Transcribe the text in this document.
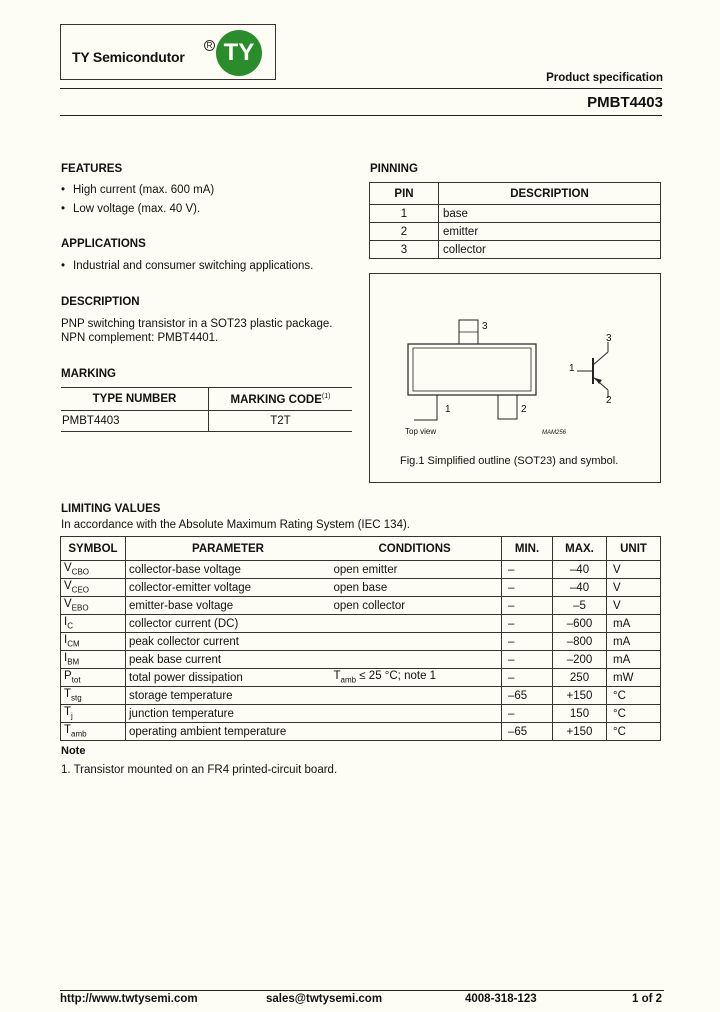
TY Semicondutor
R TY
Product specification
PMBT4403
FEATURES
• High current (max. 600 mA)
• Low voltage (max. 40 V).
APPLICATIONS
• Industrial and consumer switching applications.
DESCRIPTION
PNP switching transistor in a SOT23 plastic package.
NPN complement: PMBT4401.
MARKING
TYPE NUMBER	MARKING CODE$^{(1)}$
PMBT4403	T2T
PINNING
PIN	DESCRIPTION
1	base
2	emitter
3	collector
3
1	2
Top view	MAM256
1
3
2
Fig.1 Simplified outline (SOT23) and symbol.
LIMITING VALUES
In accordance with the Absolute Maximum Rating System (IEC 134).
SYMBOL	PARAMETER	CONDITIONS	MIN.	MAX.	UNIT
$V_{CBO}$	collector-base voltage	open emitter	–	–40	V
$V_{CEO}$	collector-emitter voltage	open base	–	–40	V
$V_{EBO}$	emitter-base voltage	open collector	–	–5	V
$I_C$	collector current (DC)		–	–600	mA
$I_{CM}$	peak collector current		–	–800	mA
$I_{BM}$	peak base current		–	–200	mA
$P_{tot}$	total power dissipation	$T_{amb} \le 25$ °C; note 1	–	250	mW
$T_{stg}$	storage temperature		–65	+150	°C
$T_j$	junction temperature		–	150	°C
$T_{amb}$	operating ambient temperature		–65	+150	°C
Note
1. Transistor mounted on an FR4 printed-circuit board.
http://www.twtysemi.com	sales@twtysemi.com	4008-318-123	1 of 2
